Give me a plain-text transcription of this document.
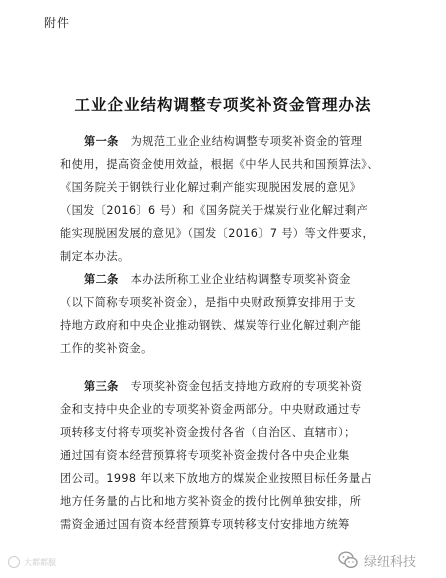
附件
工业企业结构调整专项奖补资金管理办法
第一条 为规范工业企业结构调整专项奖补资金的管理
和使用，提高资金使用效益，根据《中华人民共和国预算法》、
《国务院关于钢铁行业化解过剩产能实现脱困发展的意见》
（国发〔2016〕6 号）和《国务院关于煤炭行业化解过剩产
能实现脱困发展的意见》（国发〔2016〕7 号）等文件要求，
制定本办法。
第二条 本办法所称工业企业结构调整专项奖补资金
（以下简称专项奖补资金），是指中央财政预算安排用于支
持地方政府和中央企业推动钢铁、煤炭等行业化解过剩产能
工作的奖补资金。
第三条 专项奖补资金包括支持地方政府的专项奖补资
金和支持中央企业的专项奖补资金两部分。中央财政通过专
项转移支付将专项奖补资金拨付各省（自治区、直辖市）；
通过国有资本经营预算将专项奖补资金拨付各中央企业集
团公司。1998 年以来下放地方的煤炭企业按照目标任务量占
地方任务量的占比和地方奖补资金的拨付比例单独安排，所
需资金通过国有资本经营预算专项转移支付安排地方统筹
大都都服	绿纽科技
